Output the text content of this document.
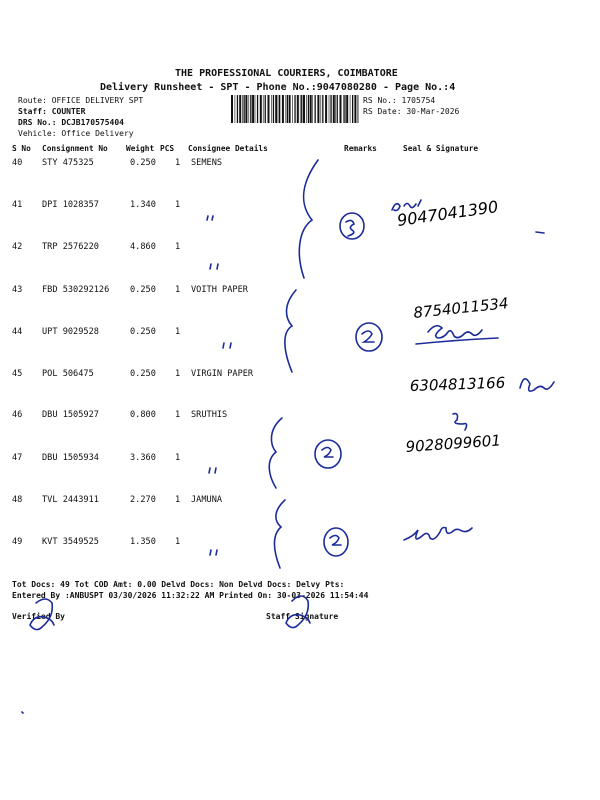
THE PROFESSIONAL COURIERS, COIMBATORE
Delivery Runsheet - SPT - Phone No.:9047080280 - Page No.:4
Route: OFFICE DELIVERY SPT
Staff: COUNTER
DRS No.: DCJB170575404
Vehicle: Office Delivery
RS No.: 1705754
RS Date: 30-Mar-2026
S No Consignment No Weight PCS Consignee Details	Remarks	Seal & Signature
40 STY 475325	0.250 1 SEMENS
41 DPI 1028357	1.340 1
42 TRP 2576220	4.860 1
43 FBD 530292126 0.250 1 VOITH PAPER
44 UPT 9029528	0.250 1
45 POL 506475	0.250 1 VIRGIN PAPER
46 DBU 1505927	0.800 1 SRUTHIS
47 DBU 1505934	3.360 1
48 TVL 2443911	2.270 1 JAMUNA
49 KVT 3549525	1.350 1
Tot Docs: 49 Tot COD Amt: 0.00 Delvd Docs: Non Delvd Docs: Delvy Pts:
Entered By :ANBUSPT 03/30/2026 11:32:22 AM Printed On: 30-03-2026 11:54:44
Verified By	Staff Signature
9047041390
8754011534
6304813166
9028099601
